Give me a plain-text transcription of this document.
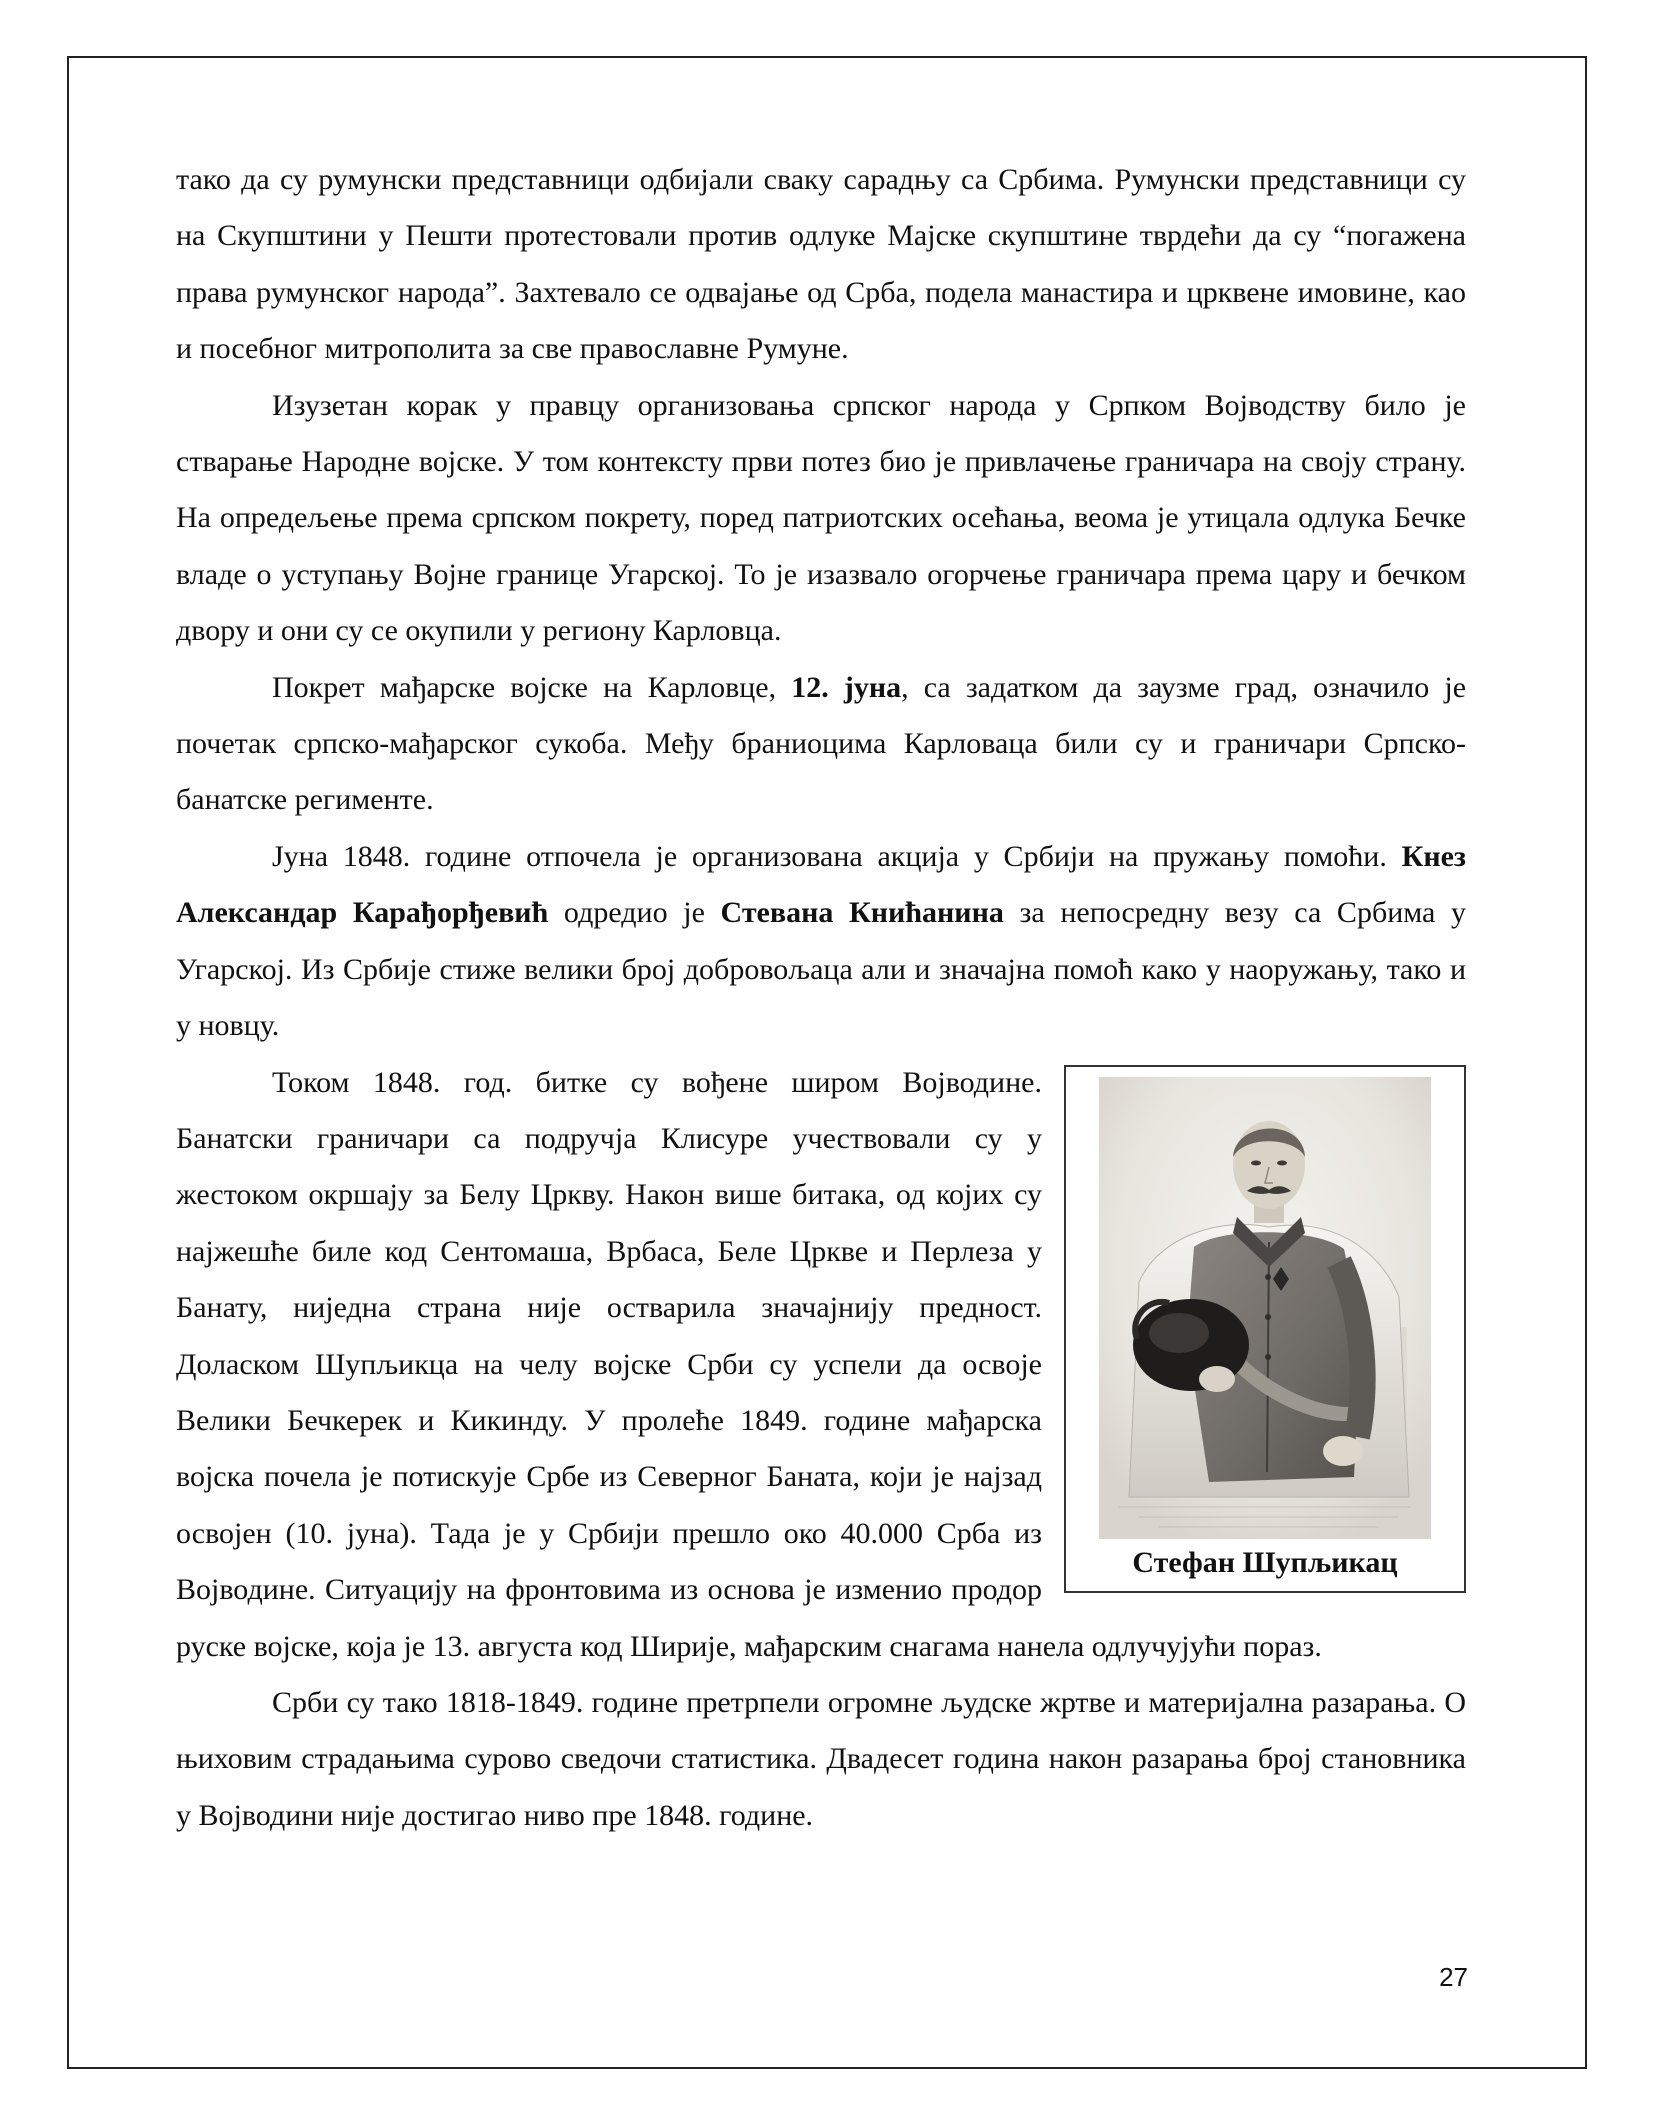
тако да су румунски представници одбијали сваку сарадњу са Србима. Румунски представници су на Скупштини у Пешти протестовали против одлуке Мајске скупштине тврдећи да су “погажена права румунског народа”. Захтевало се одвајање од Срба, подела манастира и црквене имовине, као и посебног митрополита за све православне Румуне.

Изузетан корак у правцу организовања српског народа у Српком Војводству било је стварање Народне војске. У том контексту први потез био је привлачење граничара на своју страну. На опредељење према српском покрету, поред патриотских осећања, веома је утицала одлука Бечке владе о уступању Војне границе Угарској. То је изазвало огорчење граничара према цару и бечком двору и они су се окупили у региону Карловца.

Покрет мађарске војске на Карловце, 12. јуна, са задатком да заузме град, означило је почетак српско-мађарског сукоба. Међу браниоцима Карловаца били су и граничари Српско-банатске регименте.

Јуна 1848. године отпочела је организована акција у Србији на пружању помоћи. Кнез Александар Карађорђевић одредио је Стевана Книћанина за непосредну везу са Србима у Угарској. Из Србије стиже велики број добровољаца али и значајна помоћ како у наоружању, тако и у новцу.

Стефан Шупљикац

Током 1848. год. битке су вођене широм Војводине. Банатски граничари са подручја Клисуре учествовали су у жестоком окршају за Белу Цркву. Након више битака, од којих су најжешће биле код Сентомаша, Врбаса, Беле Цркве и Перлеза у Банату, ниједна страна није остварила значајнију предност. Доласком Шупљикца на челу војске Срби су успели да освоје Велики Бечкерек и Кикинду. У пролеће 1849. године мађарска војска почела је потискује Србе из Северног Баната, који је најзад освојен (10. јуна). Тада је у Србији прешло око 40.000 Срба из Војводине. Ситуацију на фронтовима из основа је изменио продор руске војске, која је 13. августа код Ширије, мађарским снагама нанела одлучујући пораз.

Срби су тако 1818-1849. године претрпели огромне људске жртве и материјална разарања. О њиховим страдањима сурово сведочи статистика. Двадесет година након разарања број становника у Војводини није достигао ниво пре 1848. године.

27
